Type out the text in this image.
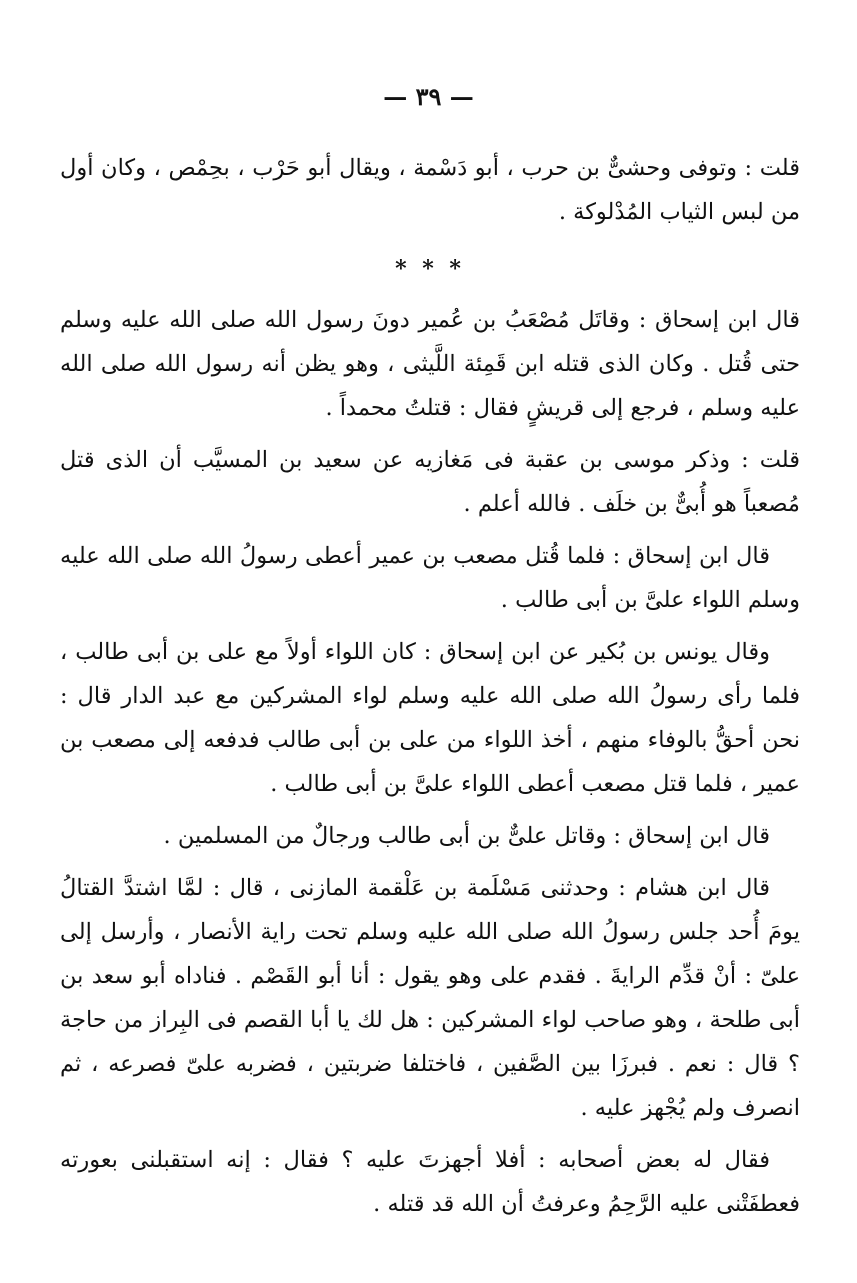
— ٣٩ —

قلت : وتوفى وحشىٌّ بن حرب ، أبو دَسْمة ، ويقال أبو حَرْب ، بحِمْص ، وكان أول من لبس الثياب المُدْلوكة .

* * *

قال ابن إسحاق : وقاتَل مُصْعَبُ بن عُمير دونَ رسول الله صلى الله عليه وسلم حتى قُتل . وكان الذى قتله ابن قَمِئة اللَّيثى ، وهو يظن أنه رسول الله صلى الله عليه وسلم ، فرجع إلى قريشٍ فقال : قتلتُ محمداً .

قلت : وذكر موسى بن عقبة فى مَغازيه عن سعيد بن المسيَّب أن الذى قتل مُصعباً هو أُبىٌّ بن خلَف . فالله أعلم .

قال ابن إسحاق : فلما قُتل مصعب بن عمير أعطى رسولُ الله صلى الله عليه وسلم اللواء علىَّ بن أبى طالب .

وقال يونس بن بُكير عن ابن إسحاق : كان اللواء أولاً مع على بن أبى طالب ، فلما رأى رسولُ الله صلى الله عليه وسلم لواء المشركين مع عبد الدار قال : نحن أحقُّ بالوفاء منهم ، أخذ اللواء من على بن أبى طالب فدفعه إلى مصعب بن عمير ، فلما قتل مصعب أعطى اللواء علىَّ بن أبى طالب .

قال ابن إسحاق : وقاتل علىٌّ بن أبى طالب ورجالٌ من المسلمين .

قال ابن هشام : وحدثنى مَسْلَمة بن عَلْقمة المازنى ، قال : لمَّا اشتدَّ القتالُ يومَ أُحد جلس رسولُ الله صلى الله عليه وسلم تحت راية الأنصار ، وأرسل إلى علىّ : أنْ قدِّم الرايةَ . فقدم على وهو يقول : أنا أبو القَصْم . فناداه أبو سعد بن أبى طلحة ، وهو صاحب لواء المشركين : هل لك يا أبا القصم فى البِراز من حاجة ؟ قال : نعم . فبرزَا بين الصَّفين ، فاختلفا ضربتين ، فضربه علىّ فصرعه ، ثم انصرف ولم يُجْهز عليه .

فقال له بعض أصحابه : أفلا أجهزتَ عليه ؟ فقال : إنه استقبلنى بعورته فعطفَتْنى عليه الرَّحِمُ وعرفتُ أن الله قد قتله .
